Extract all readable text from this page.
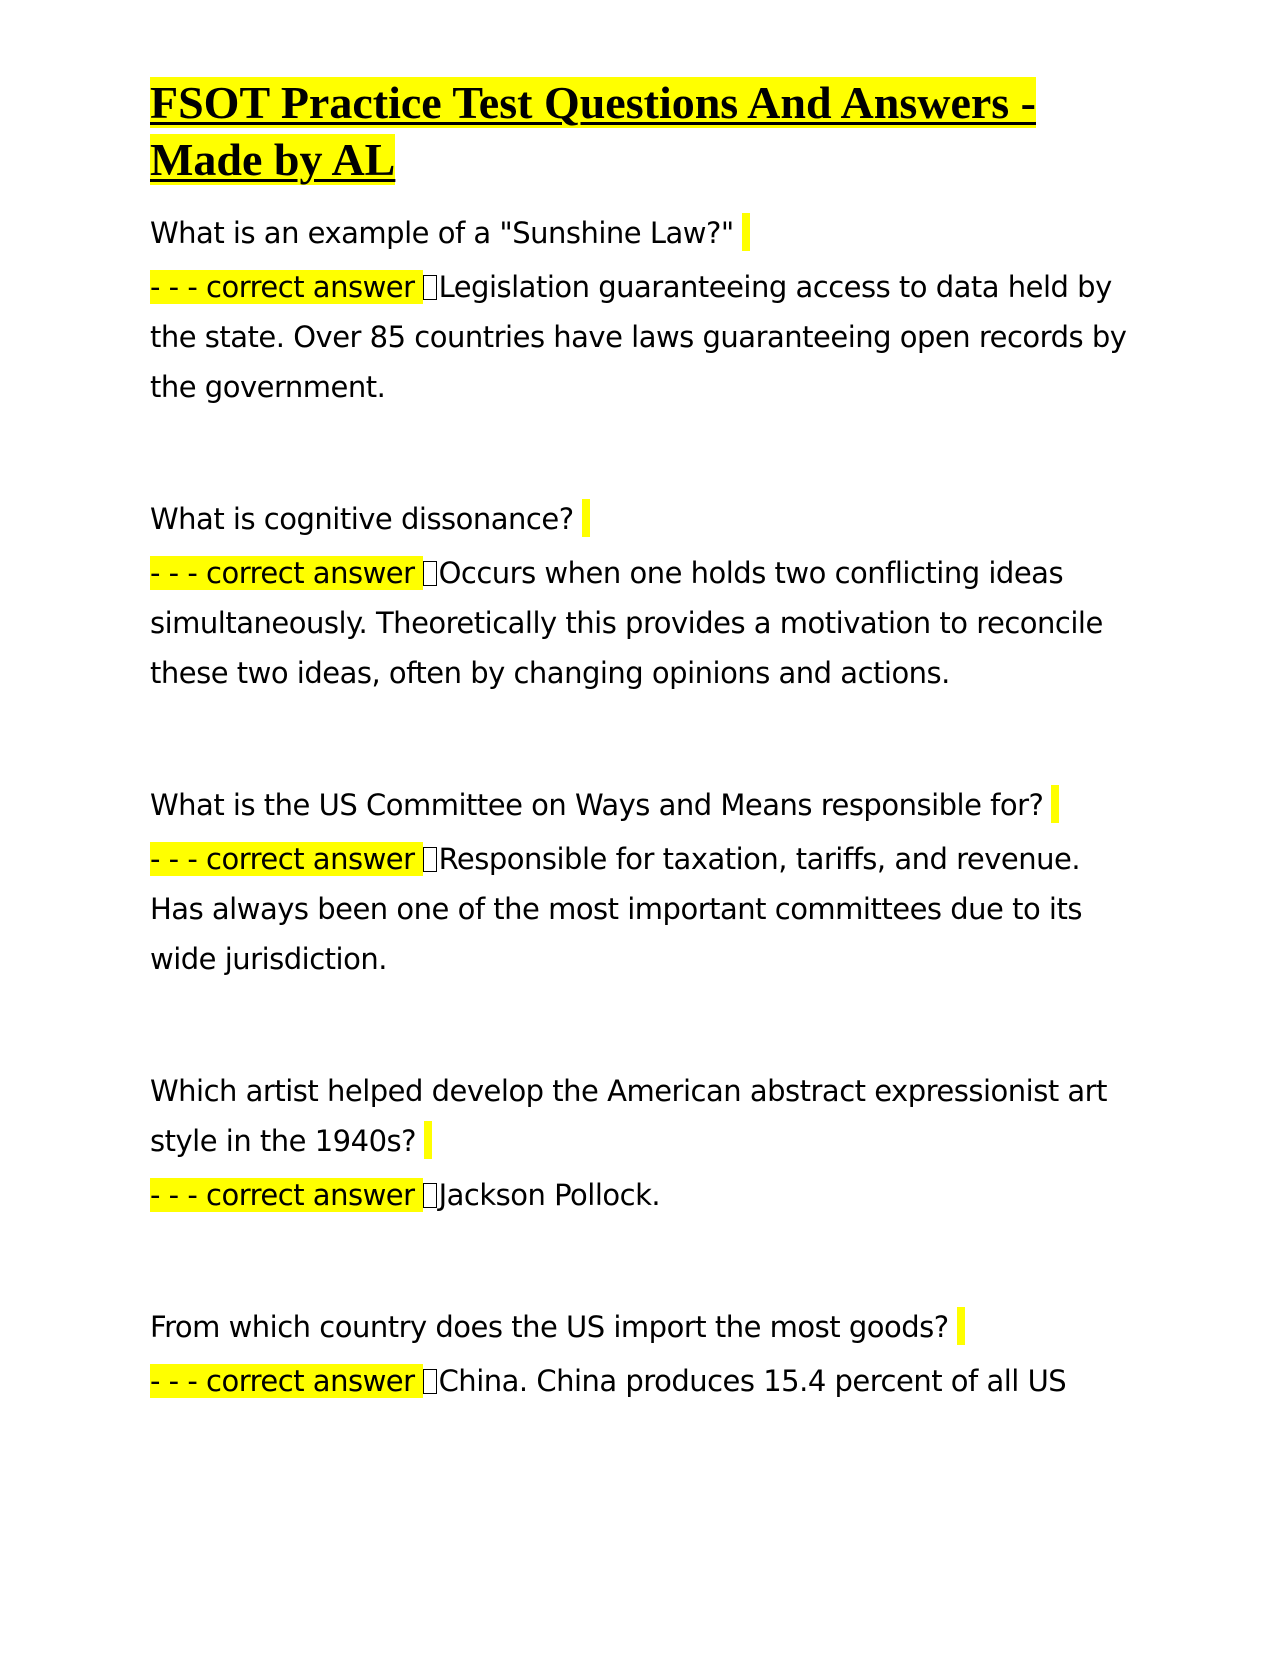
FSOT Practice Test Questions And Answers - Made by AL

What is an example of a "Sunshine Law?"

- - - correct answer Legislation guaranteeing access to data held by the state. Over 85 countries have laws guaranteeing open records by the government.

What is cognitive dissonance?

- - - correct answer Occurs when one holds two conflicting ideas simultaneously. Theoretically this provides a motivation to reconcile these two ideas, often by changing opinions and actions.

What is the US Committee on Ways and Means responsible for?

- - - correct answer Responsible for taxation, tariffs, and revenue. Has always been one of the most important committees due to its wide jurisdiction.

Which artist helped develop the American abstract expressionist art style in the 1940s?

- - - correct answer Jackson Pollock.

From which country does the US import the most goods?

- - - correct answer China. China produces 15.4 percent of all US
